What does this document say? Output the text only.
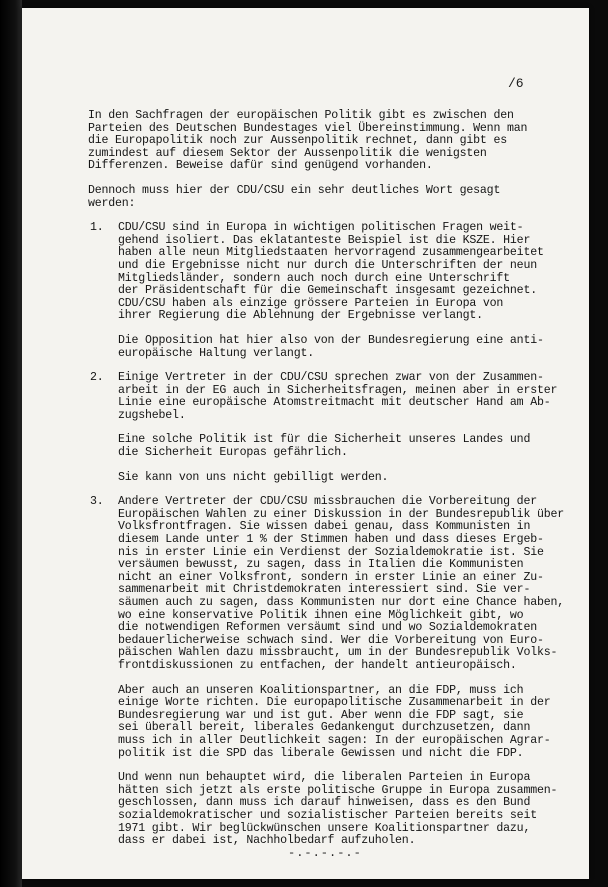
/6

In den Sachfragen der europäischen Politik gibt es zwischen den
Parteien des Deutschen Bundestages viel Übereinstimmung. Wenn man
die Europapolitik noch zur Aussenpolitik rechnet, dann gibt es
zumindest auf diesem Sektor der Aussenpolitik die wenigsten
Differenzen. Beweise dafür sind genügend vorhanden.

Dennoch muss hier der CDU/CSU ein sehr deutliches Wort gesagt
werden:

1. CDU/CSU sind in Europa in wichtigen politischen Fragen weit-
gehend isoliert. Das eklatanteste Beispiel ist die KSZE. Hier
haben alle neun Mitgliedstaaten hervorragend zusammengearbeitet
und die Ergebnisse nicht nur durch die Unterschriften der neun
Mitgliedsländer, sondern auch noch durch eine Unterschrift
der Präsidentschaft für die Gemeinschaft insgesamt gezeichnet.
CDU/CSU haben als einzige grössere Parteien in Europa von
ihrer Regierung die Ablehnung der Ergebnisse verlangt.

Die Opposition hat hier also von der Bundesregierung eine anti-
europäische Haltung verlangt.

2. Einige Vertreter in der CDU/CSU sprechen zwar von der Zusammen-
arbeit in der EG auch in Sicherheitsfragen, meinen aber in erster
Linie eine europäische Atomstreitmacht mit deutscher Hand am Ab-
zugshebel.

Eine solche Politik ist für die Sicherheit unseres Landes und
die Sicherheit Europas gefährlich.

Sie kann von uns nicht gebilligt werden.

3. Andere Vertreter der CDU/CSU missbrauchen die Vorbereitung der
Europäischen Wahlen zu einer Diskussion in der Bundesrepublik über
Volksfrontfragen. Sie wissen dabei genau, dass Kommunisten in
diesem Lande unter 1 % der Stimmen haben und dass dieses Ergeb-
nis in erster Linie ein Verdienst der Sozialdemokratie ist. Sie
versäumen bewusst, zu sagen, dass in Italien die Kommunisten
nicht an einer Volksfront, sondern in erster Linie an einer Zu-
sammenarbeit mit Christdemokraten interessiert sind. Sie ver-
säumen auch zu sagen, dass Kommunisten nur dort eine Chance haben,
wo eine konservative Politik ihnen eine Möglichkeit gibt, wo
die notwendigen Reformen versäumt sind und wo Sozialdemokraten
bedauerlicherweise schwach sind. Wer die Vorbereitung von Euro-
päischen Wahlen dazu missbraucht, um in der Bundesrepublik Volks-
frontdiskussionen zu entfachen, der handelt antieuropäisch.

Aber auch an unseren Koalitionspartner, an die FDP, muss ich
einige Worte richten. Die europapolitische Zusammenarbeit in der
Bundesregierung war und ist gut. Aber wenn die FDP sagt, sie
sei überall bereit, liberales Gedankengut durchzusetzen, dann
muss ich in aller Deutlichkeit sagen: In der europäischen Agrar-
politik ist die SPD das liberale Gewissen und nicht die FDP.

Und wenn nun behauptet wird, die liberalen Parteien in Europa
hätten sich jetzt als erste politische Gruppe in Europa zusammen-
geschlossen, dann muss ich darauf hinweisen, dass es den Bund
sozialdemokratischer und sozialistischer Parteien bereits seit
1971 gibt. Wir beglückwünschen unsere Koalitionspartner dazu,
dass er dabei ist, Nachholbedarf aufzuholen.

-.-.-.-.-
